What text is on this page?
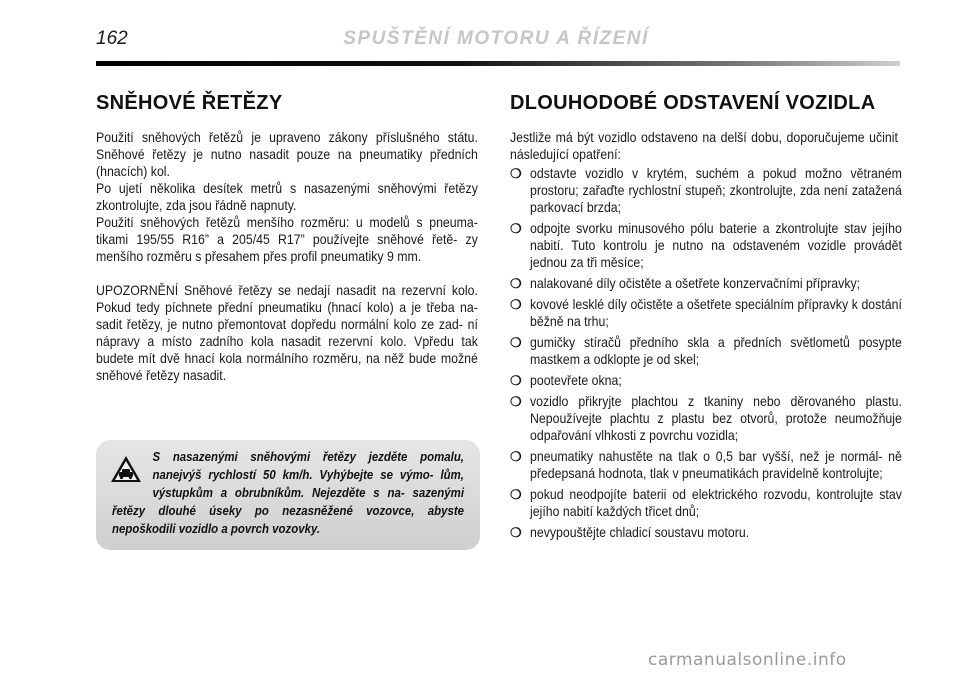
162	SPUŠTĚNÍ MOTORU A ŘÍZENÍ
SNĚHOVÉ ŘETĚZY

Použití sněhových řetězů je upraveno zákony příslušného státu. Sněhové řetězy je nutno nasadit pouze na pneumatiky předních (hnacích) kol.

Po ujetí několika desítek metrů s nasazenými sněhovými řetězy zkontrolujte, zda jsou řádně napnuty.

Použití sněhových řetězů menšího rozměru: u modelů s pneuma- tikami 195/55 R16” a 205/45 R17” používejte sněhové řetě- zy menšího rozměru s přesahem přes profil pneumatiky 9 mm.

UPOZORNĚNÍ Sněhové řetězy se nedají nasadit na rezervní kolo. Pokud tedy píchnete přední pneumatiku (hnací kolo) a je třeba na- sadit řetězy, je nutno přemontovat dopředu normální kolo ze zad- ní nápravy a místo zadního kola nasadit rezervní kolo. Vpředu tak budete mít dvě hnací kola normálního rozměru, na něž bude možné sněhové řetězy nasadit.

S nasazenými sněhovými řetězy jezděte pomalu, nanejvýš rychlostí 50 km/h. Vyhýbejte se výmo- lům, výstupkům a obrubníkům. Nejezděte s na- sazenými řetězy dlouhé úseky po nezasněžené vozovce, abyste nepoškodili vozidlo a povrch vozovky.

DLOUHODOBÉ ODSTAVENÍ VOZIDLA

Jestliže má být vozidlo odstaveno na delší dobu, doporučujeme učinit následující opatření:

❍ odstavte vozidlo v krytém, suchém a pokud možno větraném prostoru; zařaďte rychlostní stupeň; zkontrolujte, zda není zatažená parkovací brzda;
❍ odpojte svorku minusového pólu baterie a zkontrolujte stav jejího nabití. Tuto kontrolu je nutno na odstaveném vozidle provádět jednou za tři měsíce;
❍ nalakované díly očistěte a ošetřete konzervačními přípravky;
❍ kovové lesklé díly očistěte a ošetřete speciálním přípravky k dostání běžně na trhu;
❍ gumičky stíračů předního skla a předních světlometů posypte mastkem a odklopte je od skel;
❍ pootevřete okna;
❍ vozidlo přikryjte plachtou z tkaniny nebo děrovaného plastu. Nepoužívejte plachtu z plastu bez otvorů, protože neumožňuje odpařování vlhkosti z povrchu vozidla;
❍ pneumatiky nahustěte na tlak o 0,5 bar vyšší, než je normál- ně předepsaná hodnota, tlak v pneumatikách pravidelně kontrolujte;
❍ pokud neodpojíte baterii od elektrického rozvodu, kontrolujte stav jejího nabití každých třicet dnů;
❍ nevypouštějte chladicí soustavu motoru.
carmanualsonline.info
